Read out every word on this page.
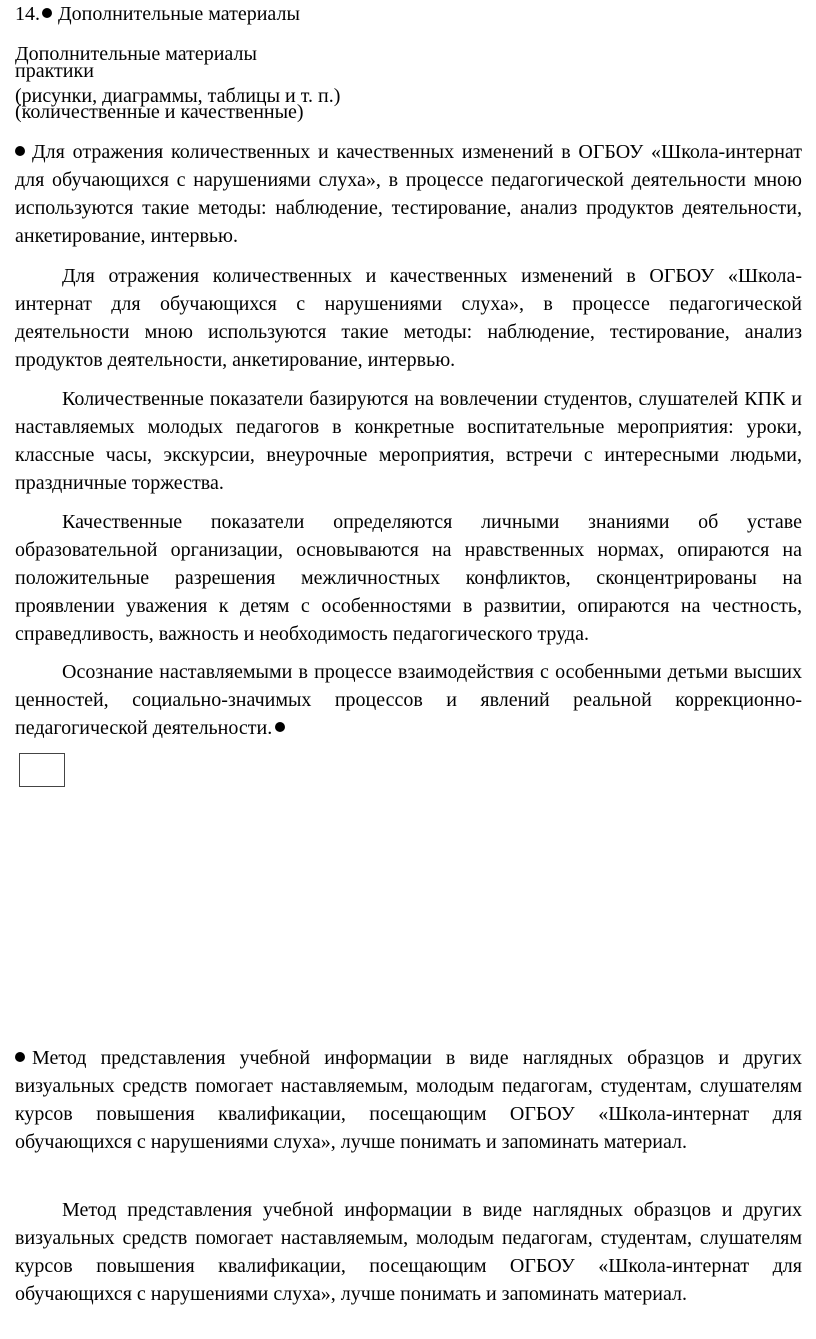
14. Дополнительные материалы
Дополнительные материалы
практики
(рисунки, диаграммы, таблицы и т. п.)
(количественные и качественные)

Для отражения количественных и качественных изменений в ОГБОУ «Школа-интернат для обучающихся с нарушениями слуха», в процессе педагогической деятельности мною используются такие методы: наблюдение, тестирование, анализ продуктов деятельности, анкетирование, интервью.

Для отражения количественных и качественных изменений в ОГБОУ «Школа-интернат для обучающихся с нарушениями слуха», в процессе педагогической деятельности мною используются такие методы: наблюдение, тестирование, анализ продуктов деятельности, анкетирование, интервью.

Количественные показатели базируются на вовлечении студентов, слушателей КПК и наставляемых молодых педагогов в конкретные воспитательные мероприятия: уроки, классные часы, экскурсии, внеурочные мероприятия, встречи с интересными людьми, праздничные торжества.

Качественные показатели определяются личными знаниями об уставе образовательной организации, основываются на нравственных нормах, опираются на положительные разрешения межличностных конфликтов, сконцентрированы на проявлении уважения к детям с особенностями в развитии, опираются на честность, справедливость, важность и необходимость педагогического труда.

Осознание наставляемыми в процессе взаимодействия с особенными детьми высших ценностей, социально-значимых процессов и явлений реальной коррекционно-педагогической деятельности.

Метод представления учебной информации в виде наглядных образцов и других визуальных средств помогает наставляемым, молодым педагогам, студентам, слушателям курсов повышения квалификации, посещающим ОГБОУ «Школа-интернат для обучающихся с нарушениями слуха», лучше понимать и запоминать материал.

Метод представления учебной информации в виде наглядных образцов и других визуальных средств помогает наставляемым, молодым педагогам, студентам, слушателям курсов повышения квалификации, посещающим ОГБОУ «Школа-интернат для обучающихся с нарушениями слуха», лучше понимать и запоминать материал.
